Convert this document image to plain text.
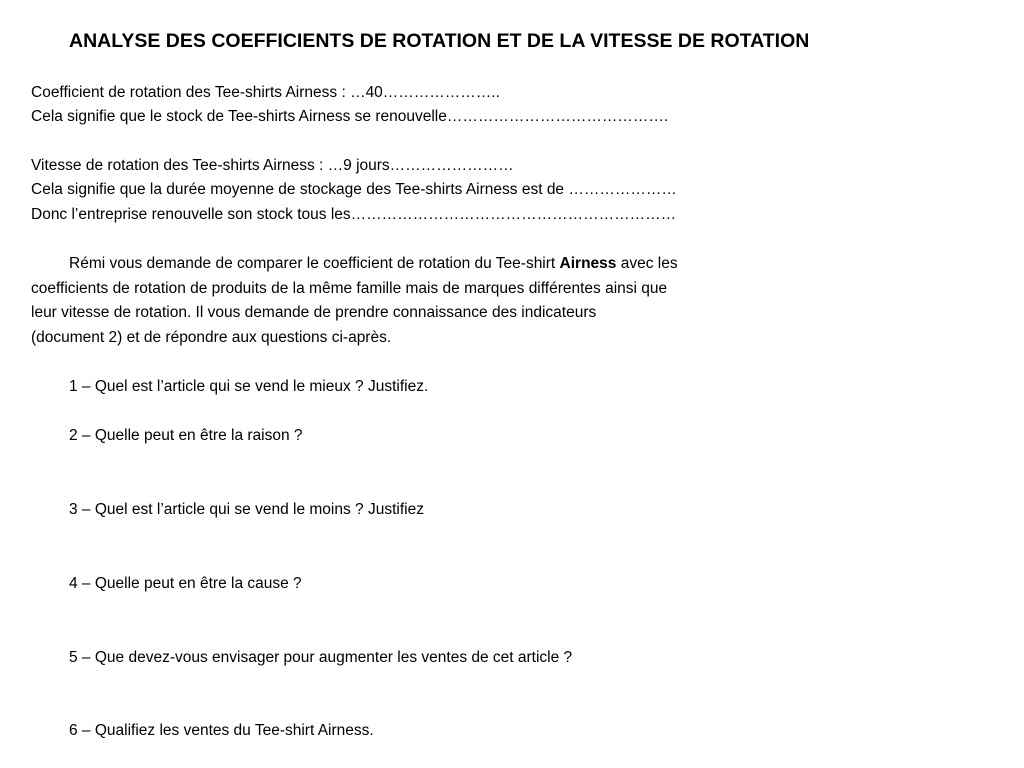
ANALYSE DES COEFFICIENTS DE ROTATION ET DE LA VITESSE DE ROTATION
Coefficient de rotation des Tee-shirts Airness : …40…………………..
Cela signifie que le stock de Tee-shirts Airness se renouvelle…………………………………….
Vitesse de rotation des Tee-shirts Airness : …9 jours……………………
Cela signifie que la durée moyenne de stockage des Tee-shirts Airness est de …………………
Donc l’entreprise renouvelle son stock tous les………………………………………………………
Rémi vous demande de comparer le coefficient de rotation du Tee-shirt Airness avec les
coefficients de rotation de produits de la même famille mais de marques différentes ainsi que
leur vitesse de rotation. Il vous demande de prendre connaissance des indicateurs
(document 2) et de répondre aux questions ci-après.
1 – Quel est l’article qui se vend le mieux ? Justifiez.
2 – Quelle peut en être la raison ?
3 – Quel est l’article qui se vend le moins ? Justifiez
4 – Quelle peut en être la cause ?
5 – Que devez-vous envisager pour augmenter les ventes de cet article ?
6 – Qualifiez les ventes du Tee-shirt Airness.
